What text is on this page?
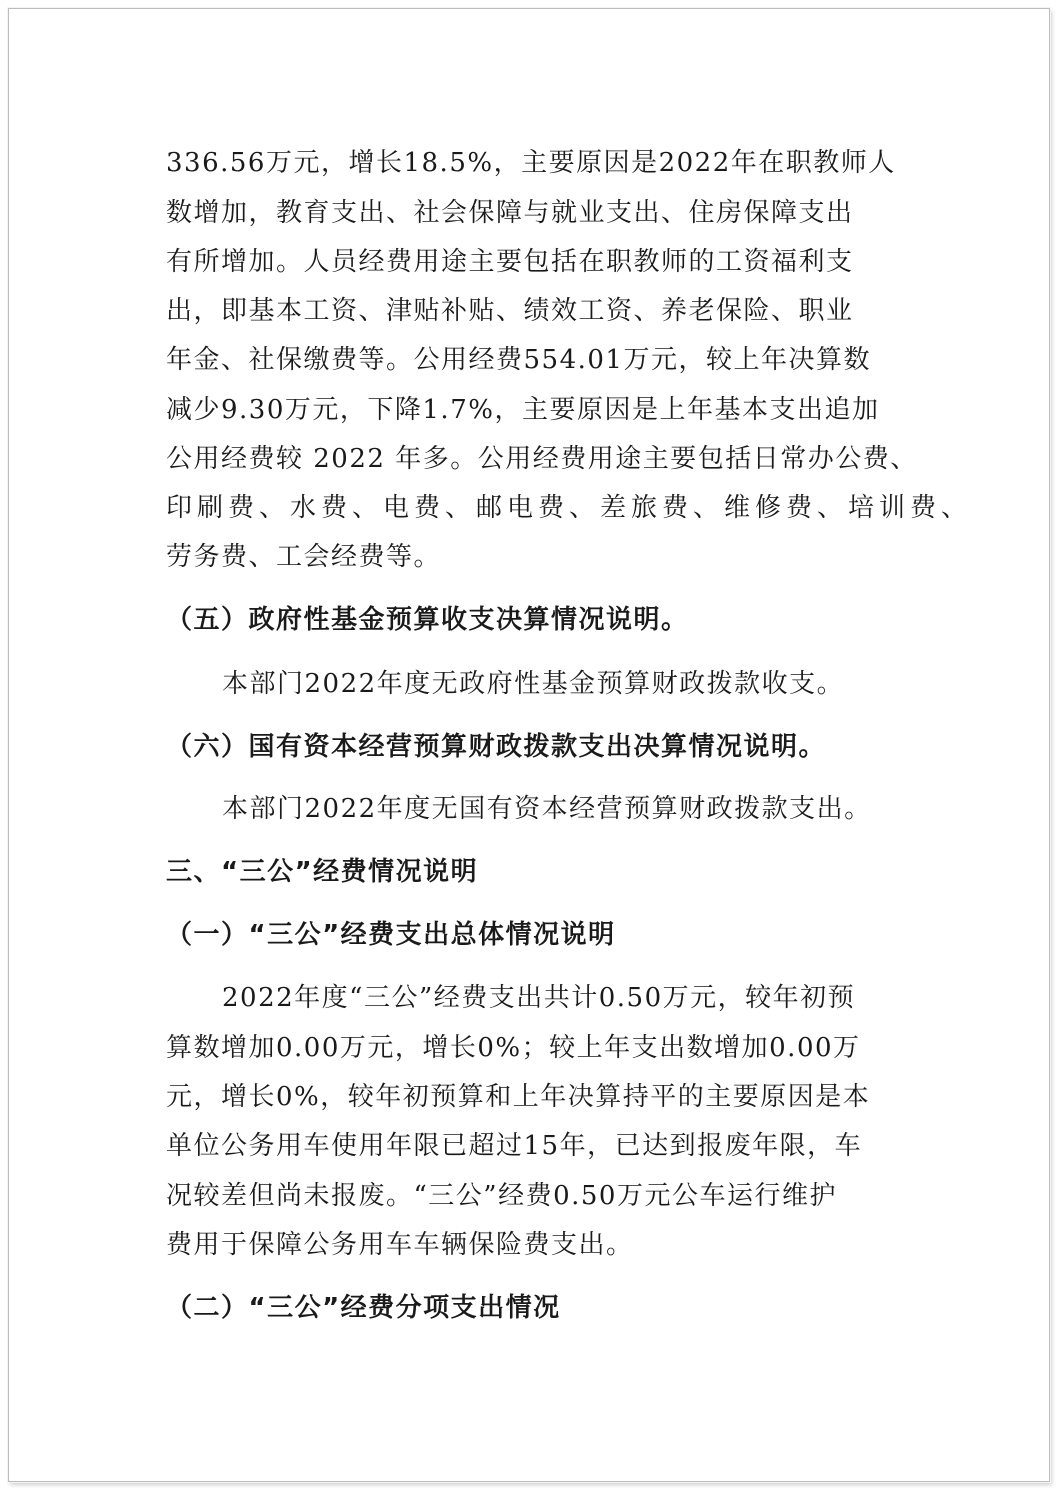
336.56万元，增长18.5%，主要原因是2022年在职教师人
数增加，教育支出、社会保障与就业支出、住房保障支出
有所增加。人员经费用途主要包括在职教师的工资福利支
出，即基本工资、津贴补贴、绩效工资、养老保险、职业
年金、社保缴费等。公用经费554.01万元，较上年决算数
减少9.30万元，下降1.7%，主要原因是上年基本支出追加
公用经费较 2022 年多。公用经费用途主要包括日常办公费、
印刷费、水费、电费、邮电费、差旅费、维修费、培训费、
劳务费、工会经费等。
（五）政府性基金预算收支决算情况说明。
本部门2022年度无政府性基金预算财政拨款收支。
（六）国有资本经营预算财政拨款支出决算情况说明。
本部门2022年度无国有资本经营预算财政拨款支出。
三、“三公”经费情况说明
（一）“三公”经费支出总体情况说明
2022年度“三公”经费支出共计0.50万元，较年初预
算数增加0.00万元，增长0%；较上年支出数增加0.00万
元，增长0%，较年初预算和上年决算持平的主要原因是本
单位公务用车使用年限已超过15年，已达到报废年限，车
况较差但尚未报废。“三公”经费0.50万元公车运行维护
费用于保障公务用车车辆保险费支出。
（二）“三公”经费分项支出情况
